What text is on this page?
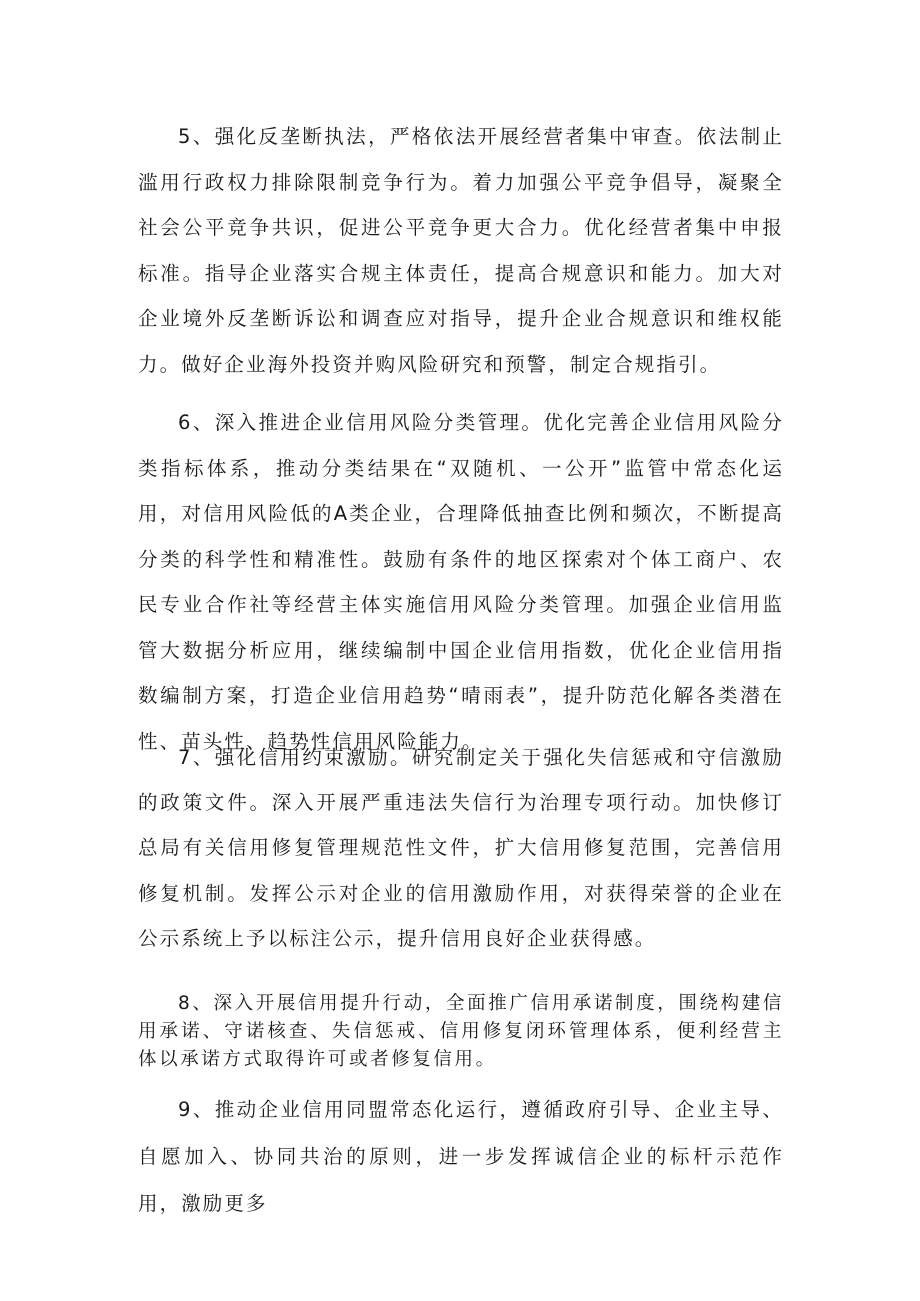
5、强化反垄断执法，严格依法开展经营者集中审查。依法制止滥用行政权力排除限制竞争行为。着力加强公平竞争倡导，凝聚全社会公平竞争共识，促进公平竞争更大合力。优化经营者集中申报标准。指导企业落实合规主体责任，提高合规意识和能力。加大对企业境外反垄断诉讼和调查应对指导，提升企业合规意识和维权能力。做好企业海外投资并购风险研究和预警，制定合规指引。

6、深入推进企业信用风险分类管理。优化完善企业信用风险分类指标体系，推动分类结果在“双随机、一公开”监管中常态化运用，对信用风险低的A类企业，合理降低抽查比例和频次，不断提高分类的科学性和精准性。鼓励有条件的地区探索对个体工商户、农民专业合作社等经营主体实施信用风险分类管理。加强企业信用监管大数据分析应用，继续编制中国企业信用指数，优化企业信用指数编制方案，打造企业信用趋势“晴雨表”，提升防范化解各类潜在性、苗头性、趋势性信用风险能力。

7、强化信用约束激励。研究制定关于强化失信惩戒和守信激励的政策文件。深入开展严重违法失信行为治理专项行动。加快修订总局有关信用修复管理规范性文件，扩大信用修复范围，完善信用修复机制。发挥公示对企业的信用激励作用，对获得荣誉的企业在公示系统上予以标注公示，提升信用良好企业获得感。

8、深入开展信用提升行动，全面推广信用承诺制度，围绕构建信用承诺、守诺核查、失信惩戒、信用修复闭环管理体系，便利经营主体以承诺方式取得许可或者修复信用。

9、推动企业信用同盟常态化运行，遵循政府引导、企业主导、自愿加入、协同共治的原则，进一步发挥诚信企业的标杆示范作用，激励更多
